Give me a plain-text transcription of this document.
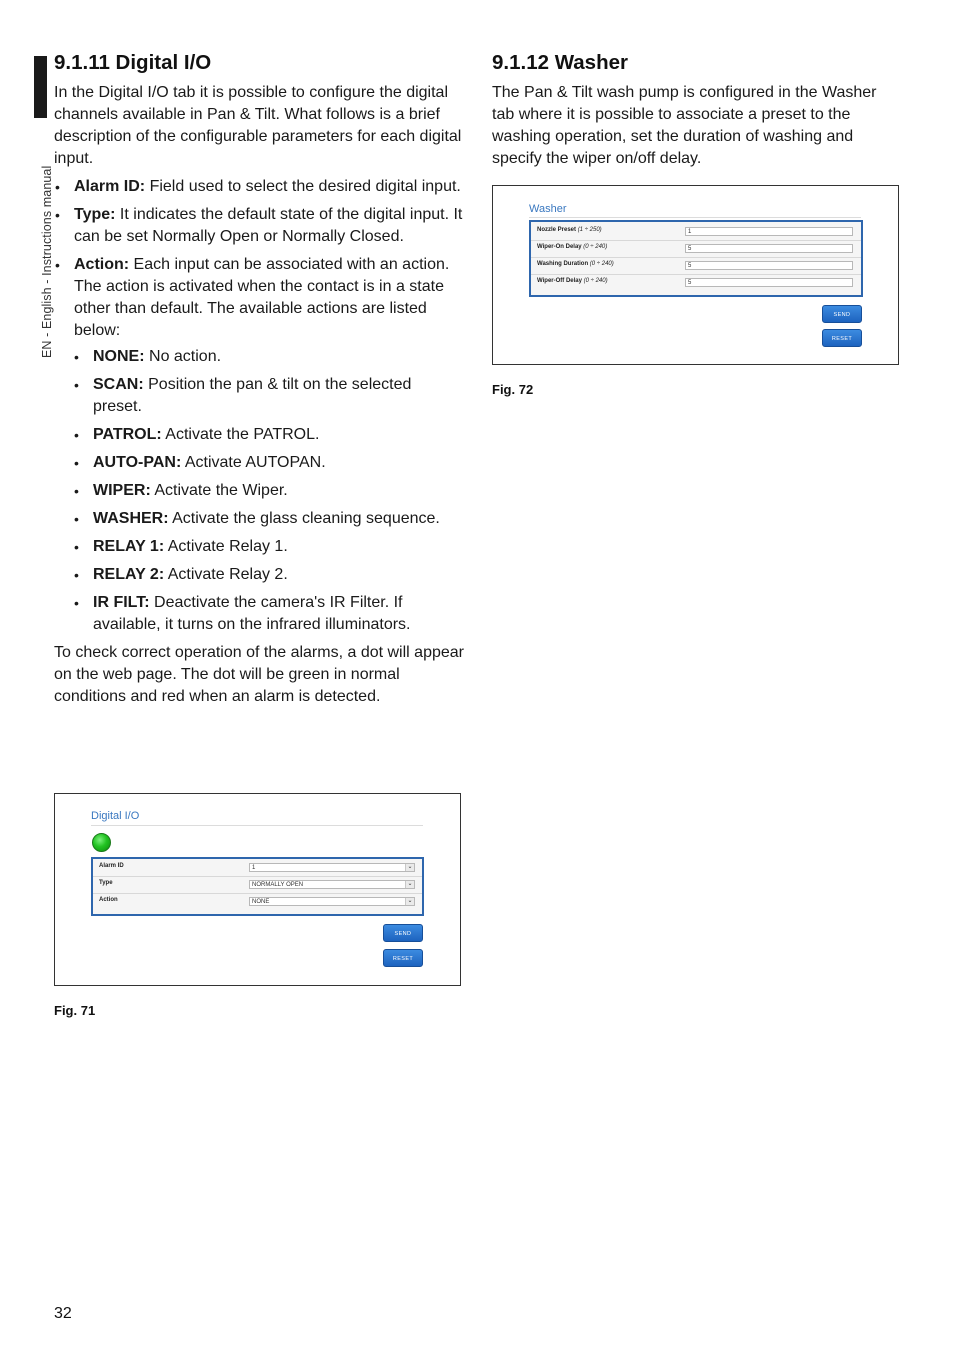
EN - English - Instructions manual
9.1.11 Digital I/O

In the Digital I/O tab it is possible to configure the digital channels available in Pan & Tilt. What follows is a brief description of the configurable parameters for each digital input.

• Alarm ID: Field used to select the desired digital input.
• Type: It indicates the default state of the digital input. It can be set Normally Open or Normally Closed.
• Action: Each input can be associated with an action. The action is activated when the contact is in a state other than default. The available actions are listed below:
• NONE: No action.
• SCAN: Position the pan & tilt on the selected preset.
• PATROL: Activate the PATROL.
• AUTO-PAN: Activate AUTOPAN.
• WIPER: Activate the Wiper.
• WASHER: Activate the glass cleaning sequence.
• RELAY 1: Activate Relay 1.
• RELAY 2: Activate Relay 2.
• IR FILT: Deactivate the camera's IR Filter. If available, it turns on the infrared illuminators.

To check correct operation of the alarms, a dot will appear on the web page. The dot will be green in normal conditions and red when an alarm is detected.

Digital I/O
Alarm ID	1	⌄
Type	NORMALLY OPEN	⌄
Action	NONE	⌄
SEND
RESET
Fig. 71
9.1.12 Washer

The Pan & Tilt wash pump is configured in the Washer tab where it is possible to associate a preset to the washing operation, set the duration of washing and specify the wiper on/off delay.

Washer
Nozzle Preset (1 ÷ 250)	1
Wiper-On Delay (0 ÷ 240)	5
Washing Duration (0 ÷ 240)	5
Wiper-Off Delay (0 ÷ 240)	5
SEND
RESET
Fig. 72
32
